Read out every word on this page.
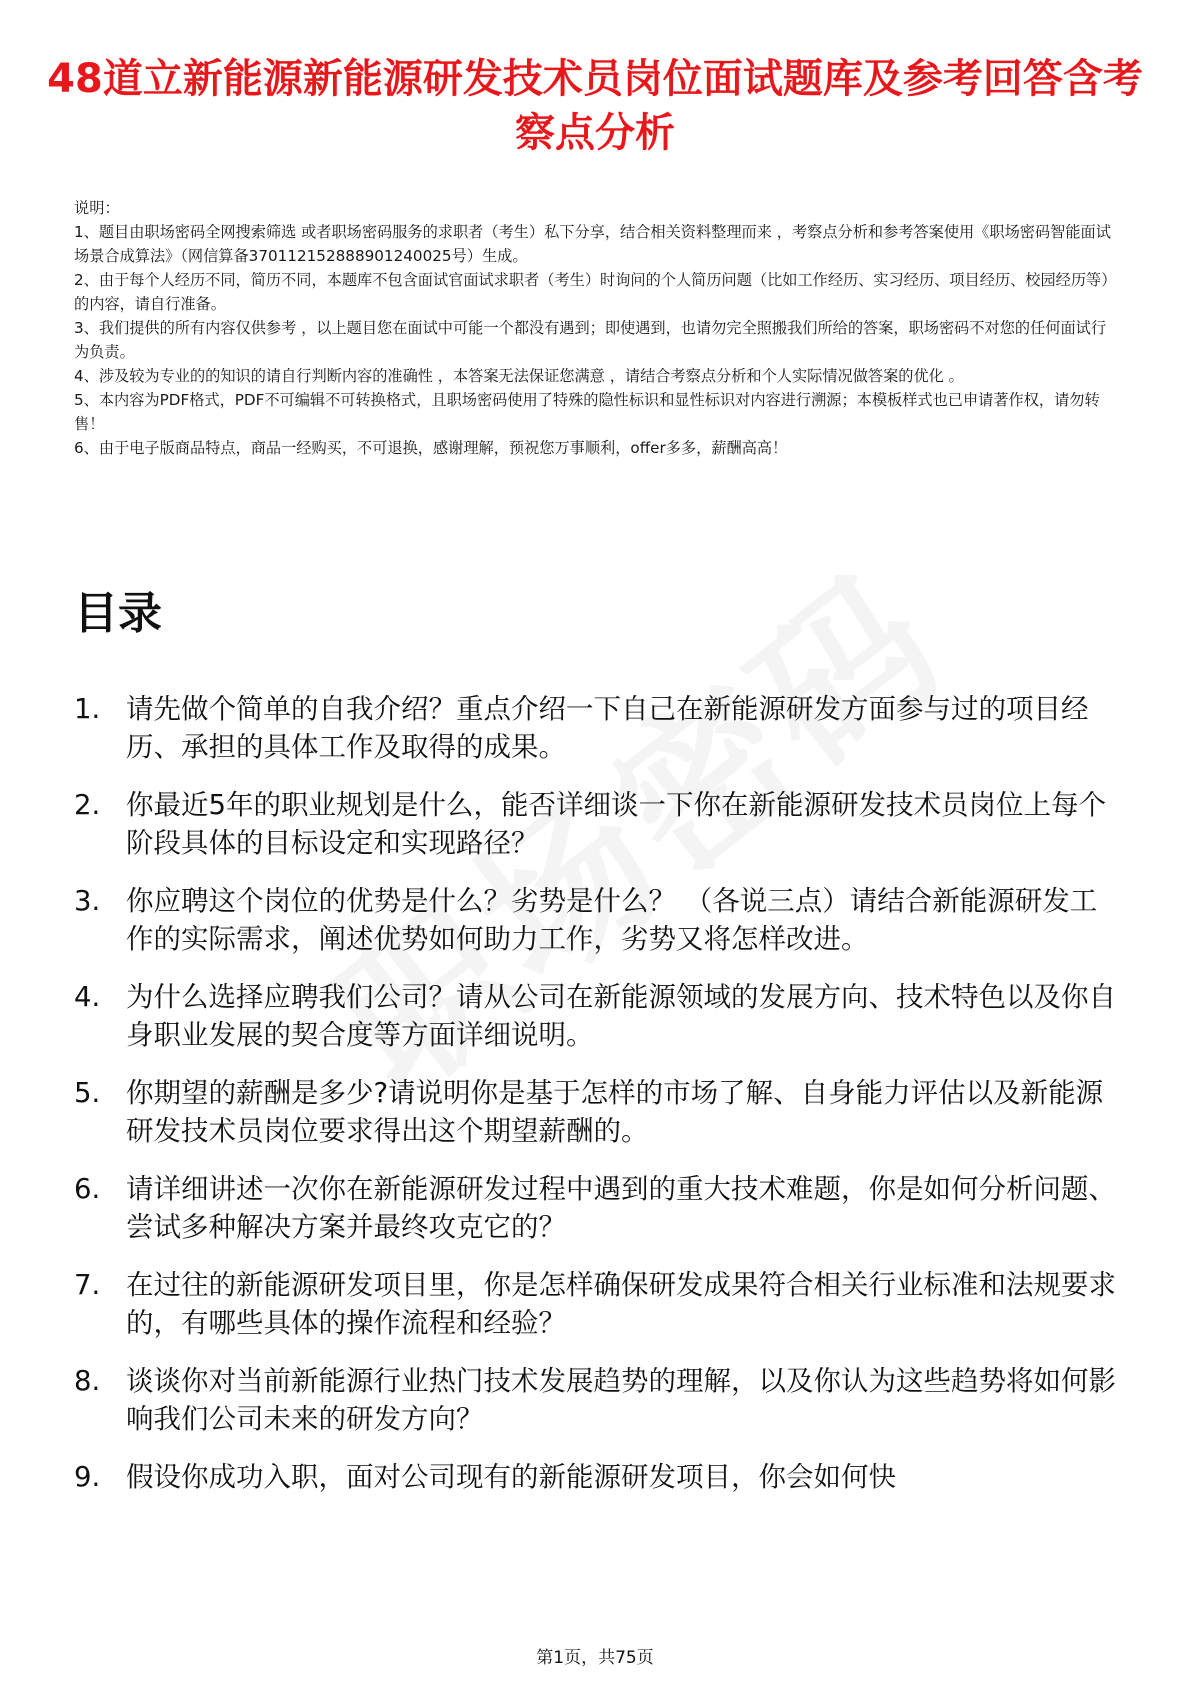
48道立新能源新能源研发技术员岗位面试题库及参考回答含考察点分析

说明：

1、题目由职场密码全网搜索筛选 或者职场密码服务的求职者（考生）私下分享，结合相关资料整理而来 ，考察点分析和参考答案使用《职场密码智能面试场景合成算法》（网信算备370112152888901240025号）生成。

2、由于每个人经历不同，简历不同，本题库不包含面试官面试求职者（考生）时询问的个人简历问题（比如工作经历、实习经历、项目经历、校园经历等）的内容，请自行准备。

3、我们提供的所有内容仅供参考 ，以上题目您在面试中可能一个都没有遇到；即使遇到，也请勿完全照搬我们所给的答案，职场密码不对您的任何面试行为负责。

4、涉及较为专业的的知识的请自行判断内容的准确性 ，本答案无法保证您满意 ，请结合考察点分析和个人实际情况做答案的优化 。

5、本内容为PDF格式，PDF不可编辑不可转换格式，且职场密码使用了特殊的隐性标识和显性标识对内容进行溯源；本模板样式也已申请著作权，请勿转售！

6、由于电子版商品特点，商品一经购买，不可退换，感谢理解，预祝您万事顺利，offer多多，薪酬高高！

目录
1. 请先做个简单的自我介绍？重点介绍一下自己在新能源研发方面参与过的项目经历、承担的具体工作及取得的成果。
2. 你最近5年的职业规划是什么，能否详细谈一下你在新能源研发技术员岗位上每个阶段具体的目标设定和实现路径？
3. 你应聘这个岗位的优势是什么？劣势是什么？ （各说三点）请结合新能源研发工作的实际需求，阐述优势如何助力工作，劣势又将怎样改进。
4. 为什么选择应聘我们公司？请从公司在新能源领域的发展方向、技术特色以及你自身职业发展的契合度等方面详细说明。
5. 你期望的薪酬是多少?请说明你是基于怎样的市场了解、自身能力评估以及新能源研发技术员岗位要求得出这个期望薪酬的。
6. 请详细讲述一次你在新能源研发过程中遇到的重大技术难题，你是如何分析问题、尝试多种解决方案并最终攻克它的？
7. 在过往的新能源研发项目里，你是怎样确保研发成果符合相关行业标准和法规要求的，有哪些具体的操作流程和经验？
8. 谈谈你对当前新能源行业热门技术发展趋势的理解，以及你认为这些趋势将如何影响我们公司未来的研发方向？
9. 假设你成功入职，面对公司现有的新能源研发项目，你会如何快
第1页，共75页
